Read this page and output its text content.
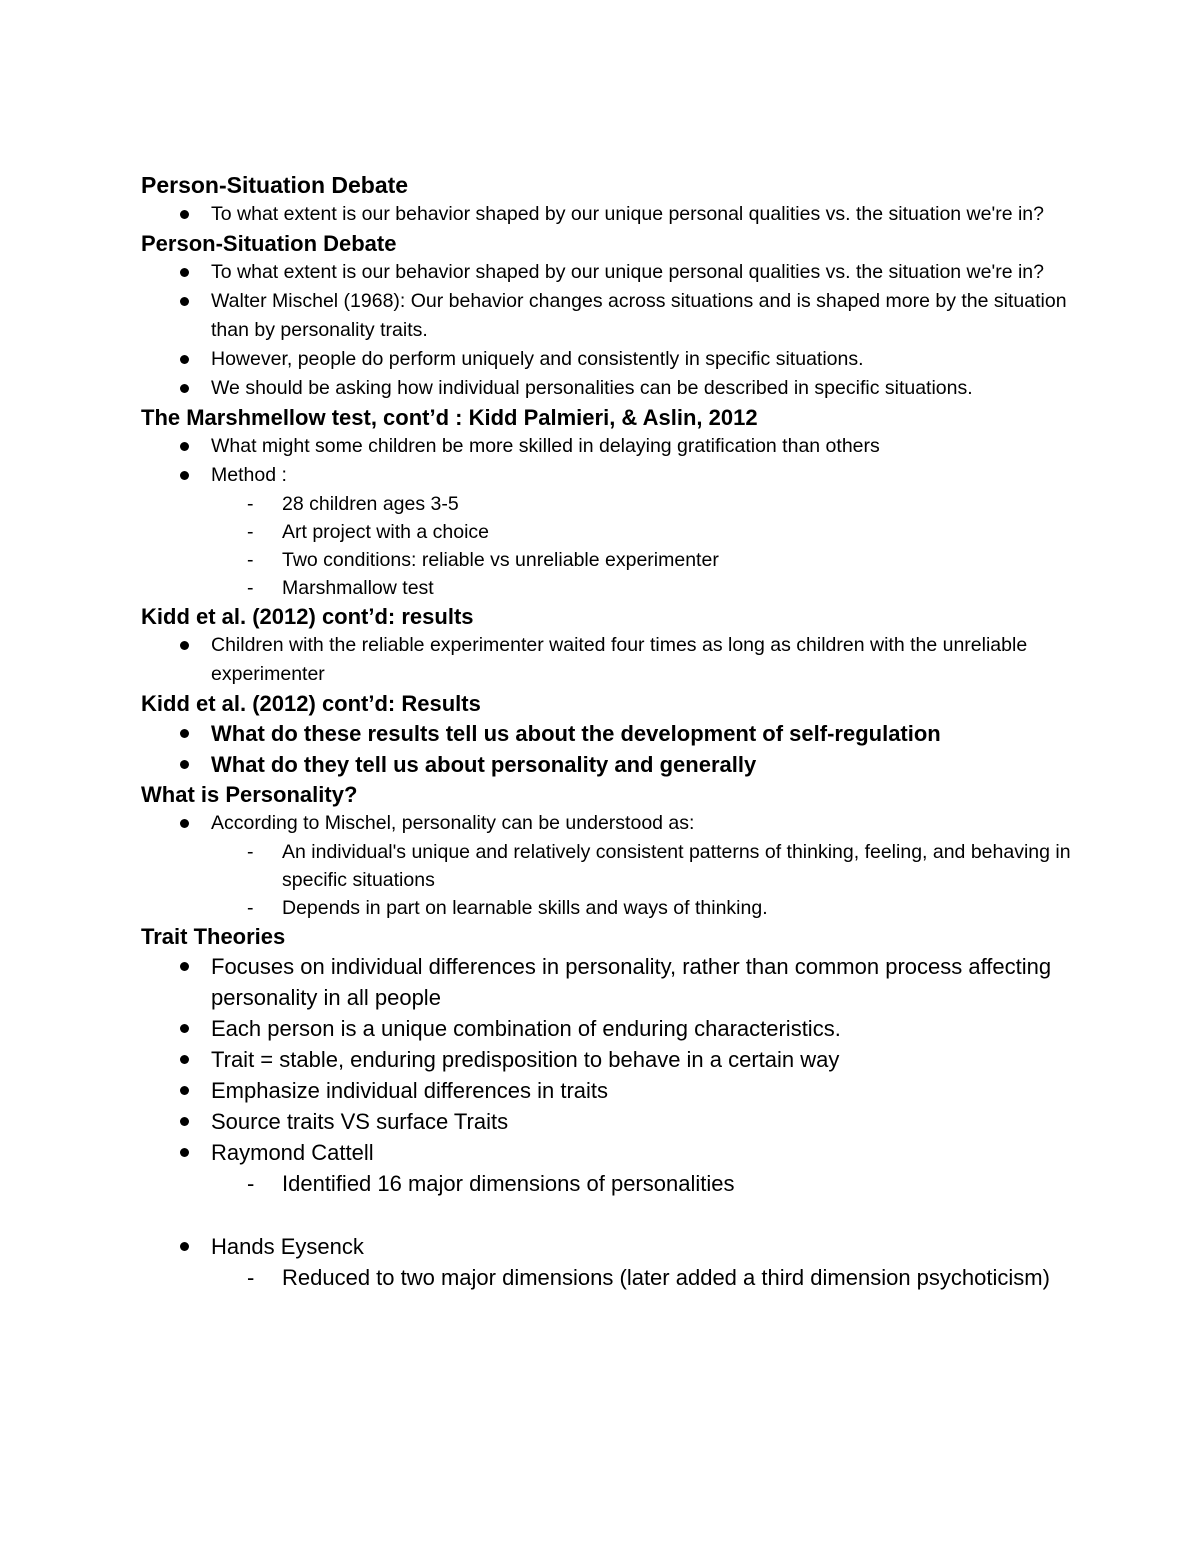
Person-Situation Debate
To what extent is our behavior shaped by our unique personal qualities vs. the situation we're in?
Person-Situation Debate
To what extent is our behavior shaped by our unique personal qualities vs. the situation we're in?
Walter Mischel (1968): Our behavior changes across situations and is shaped more by the situation than by personality traits.
However, people do perform uniquely and consistently in specific situations.
We should be asking how individual personalities can be described in specific situations.
The Marshmellow test, cont’d : Kidd Palmieri, & Aslin, 2012
What might some children be more skilled in delaying gratification than others
Method :
- 28 children ages 3-5
- Art project with a choice
- Two conditions: reliable vs unreliable experimenter
- Marshmallow test
Kidd et al. (2012) cont’d: results
Children with the reliable experimenter waited four times as long as children with the unreliable experimenter
Kidd et al. (2012) cont’d: Results
What do these results tell us about the development of self-regulation
What do they tell us about personality and generally
What is Personality?
According to Mischel, personality can be understood as:
- An individual's unique and relatively consistent patterns of thinking, feeling, and behaving in specific situations
- Depends in part on learnable skills and ways of thinking.
Trait Theories
Focuses on individual differences in personality, rather than common process affecting personality in all people
Each person is a unique combination of enduring characteristics.
Trait = stable, enduring predisposition to behave in a certain way
Emphasize individual differences in traits
Source traits VS surface Traits
Raymond Cattell
- Identified 16 major dimensions of personalities
Hands Eysenck
- Reduced to two major dimensions (later added a third dimension psychoticism)
